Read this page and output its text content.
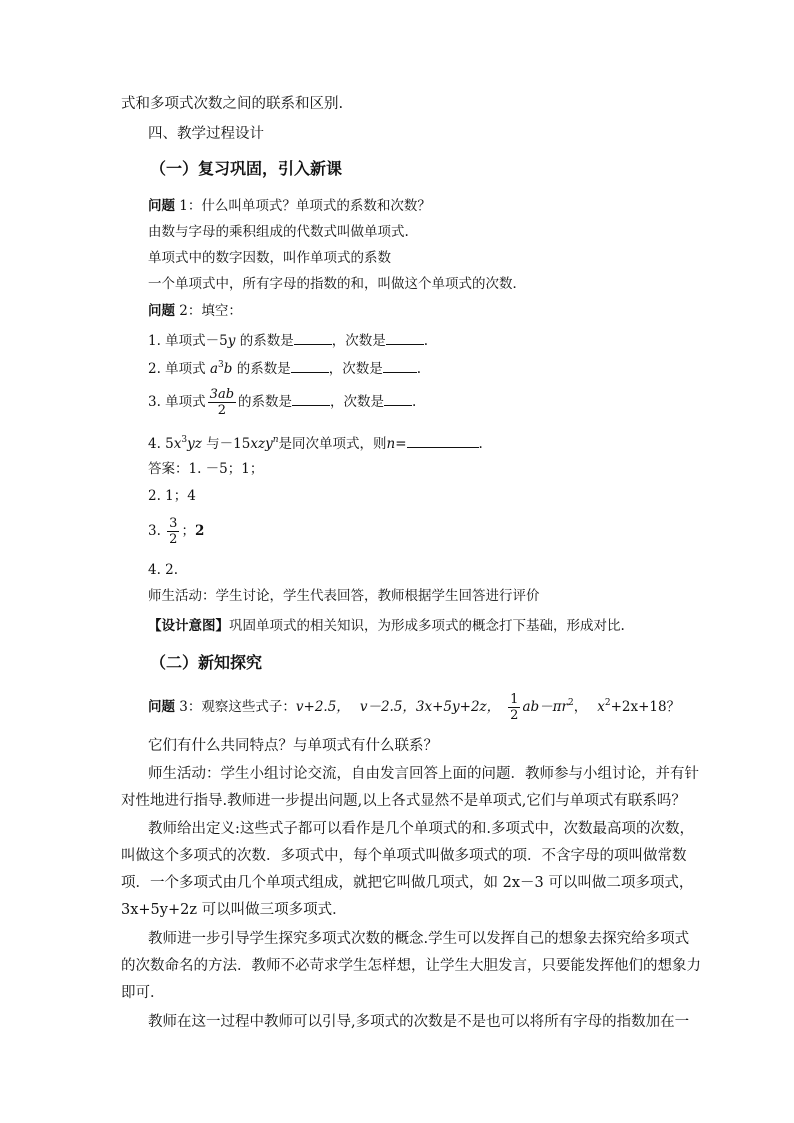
式和多项式次数之间的联系和区别.
四、教学过程设计
（一）复习巩固，引入新课
问题 1：什么叫单项式？单项式的系数和次数？
由数与字母的乘积组成的代数式叫做单项式.
单项式中的数字因数，叫作单项式的系数
一个单项式中，所有字母的指数的和，叫做这个单项式的次数．
问题 2：填空：
1. 单项式－5y 的系数是	，次数是	.
2. 单项式 $a^3b$ 的系数是	，次数是	.
3. 单项式 $\frac{3ab}{2}$ 的系数是	，次数是 .
4. $5x^3yz$ 与－15xzy$^n$是同次单项式，则n=	.
答案：1. －5；1；
2. 1；4
3. $\frac{3}{2}$ ；2
4. 2.
师生活动：学生讨论，学生代表回答，教师根据学生回答进行评价
【设计意图】巩固单项式的相关知识，为形成多项式的概念打下基础，形成对比.
（二）新知探究
问题 3：观察这些式子：v+2.5， v－2.5，3x+5y+2z， $\frac{1}{2} ab-\pi r^2$， $x^2+2x+18$？
它们有什么共同特点？与单项式有什么联系？
师生活动：学生小组讨论交流，自由发言回答上面的问题．教师参与小组讨论，并有针
对性地进行指导.教师进一步提出问题,以上各式显然不是单项式,它们与单项式有联系吗？
教师给出定义:这些式子都可以看作是几个单项式的和.多项式中，次数最高项的次数，
叫做这个多项式的次数．多项式中，每个单项式叫做多项式的项．不含字母的项叫做常数
项．一个多项式由几个单项式组成，就把它叫做几项式，如 2x－3 可以叫做二项多项式，
3x+5y+2z 可以叫做三项多项式．
教师进一步引导学生探究多项式次数的概念.学生可以发挥自己的想象去探究给多项式
的次数命名的方法．教师不必苛求学生怎样想，让学生大胆发言，只要能发挥他们的想象力
即可．
教师在这一过程中教师可以引导,多项式的次数是不是也可以将所有字母的指数加在一
